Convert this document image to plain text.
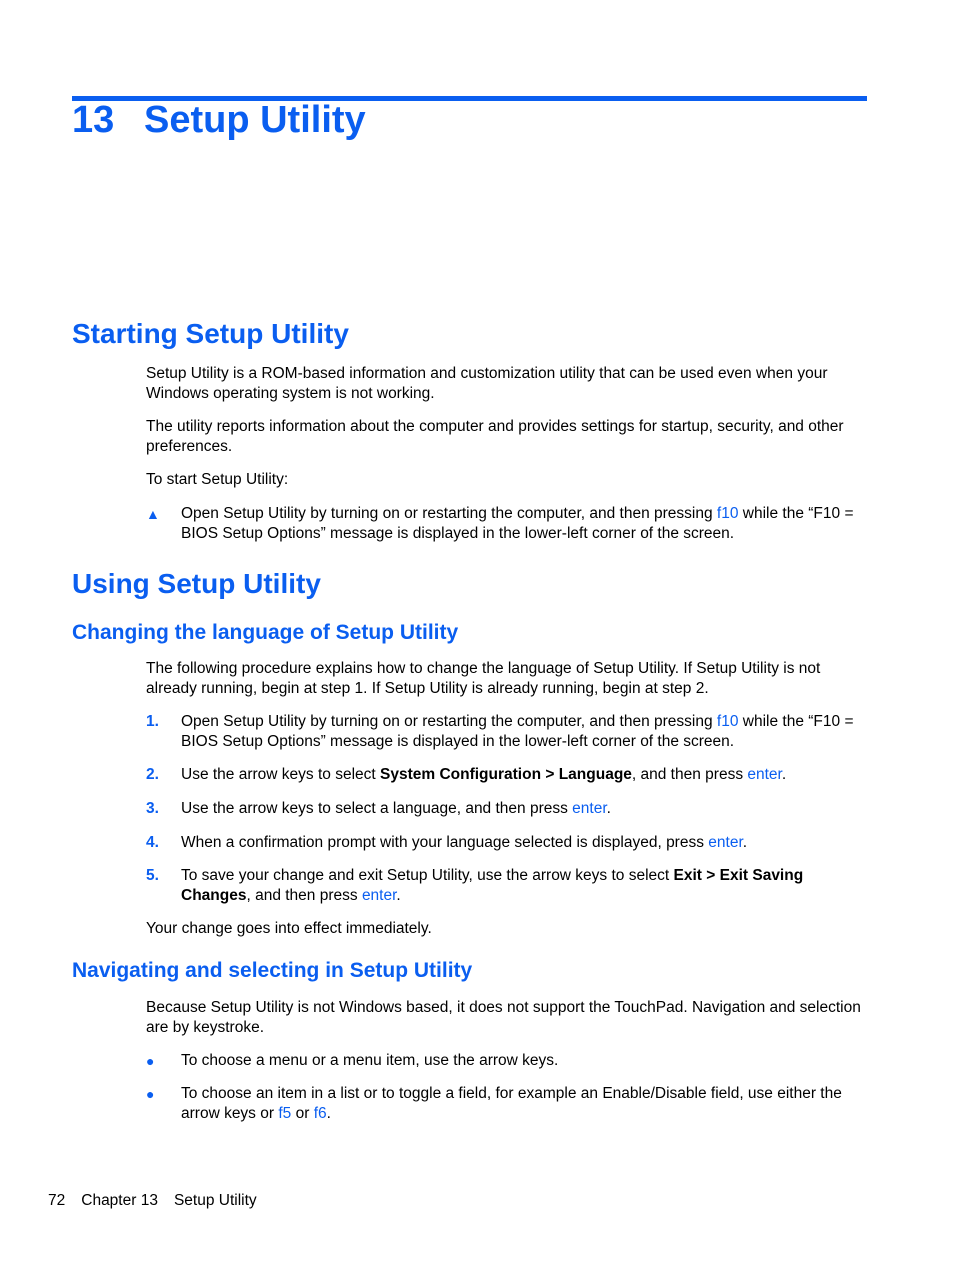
13 Setup Utility
Starting Setup Utility

Setup Utility is a ROM-based information and customization utility that can be used even when your Windows operating system is not working.

The utility reports information about the computer and provides settings for startup, security, and other preferences.

To start Setup Utility:

▲ Open Setup Utility by turning on or restarting the computer, and then pressing f10 while the “F10 = BIOS Setup Options” message is displayed in the lower-left corner of the screen.
Using Setup Utility
Changing the language of Setup Utility

The following procedure explains how to change the language of Setup Utility. If Setup Utility is not already running, begin at step 1. If Setup Utility is already running, begin at step 2.

1. Open Setup Utility by turning on or restarting the computer, and then pressing f10 while the “F10 = BIOS Setup Options” message is displayed in the lower-left corner of the screen.
2. Use the arrow keys to select System Configuration > Language, and then press enter.
3. Use the arrow keys to select a language, and then press enter.
4. When a confirmation prompt with your language selected is displayed, press enter.
5. To save your change and exit Setup Utility, use the arrow keys to select Exit > Exit Saving Changes, and then press enter.

Your change goes into effect immediately.

Navigating and selecting in Setup Utility

Because Setup Utility is not Windows based, it does not support the TouchPad. Navigation and selection are by keystroke.

● To choose a menu or a menu item, use the arrow keys.
● To choose an item in a list or to toggle a field, for example an Enable/Disable field, use either the arrow keys or f5 or f6.
72 Chapter 13 Setup Utility
